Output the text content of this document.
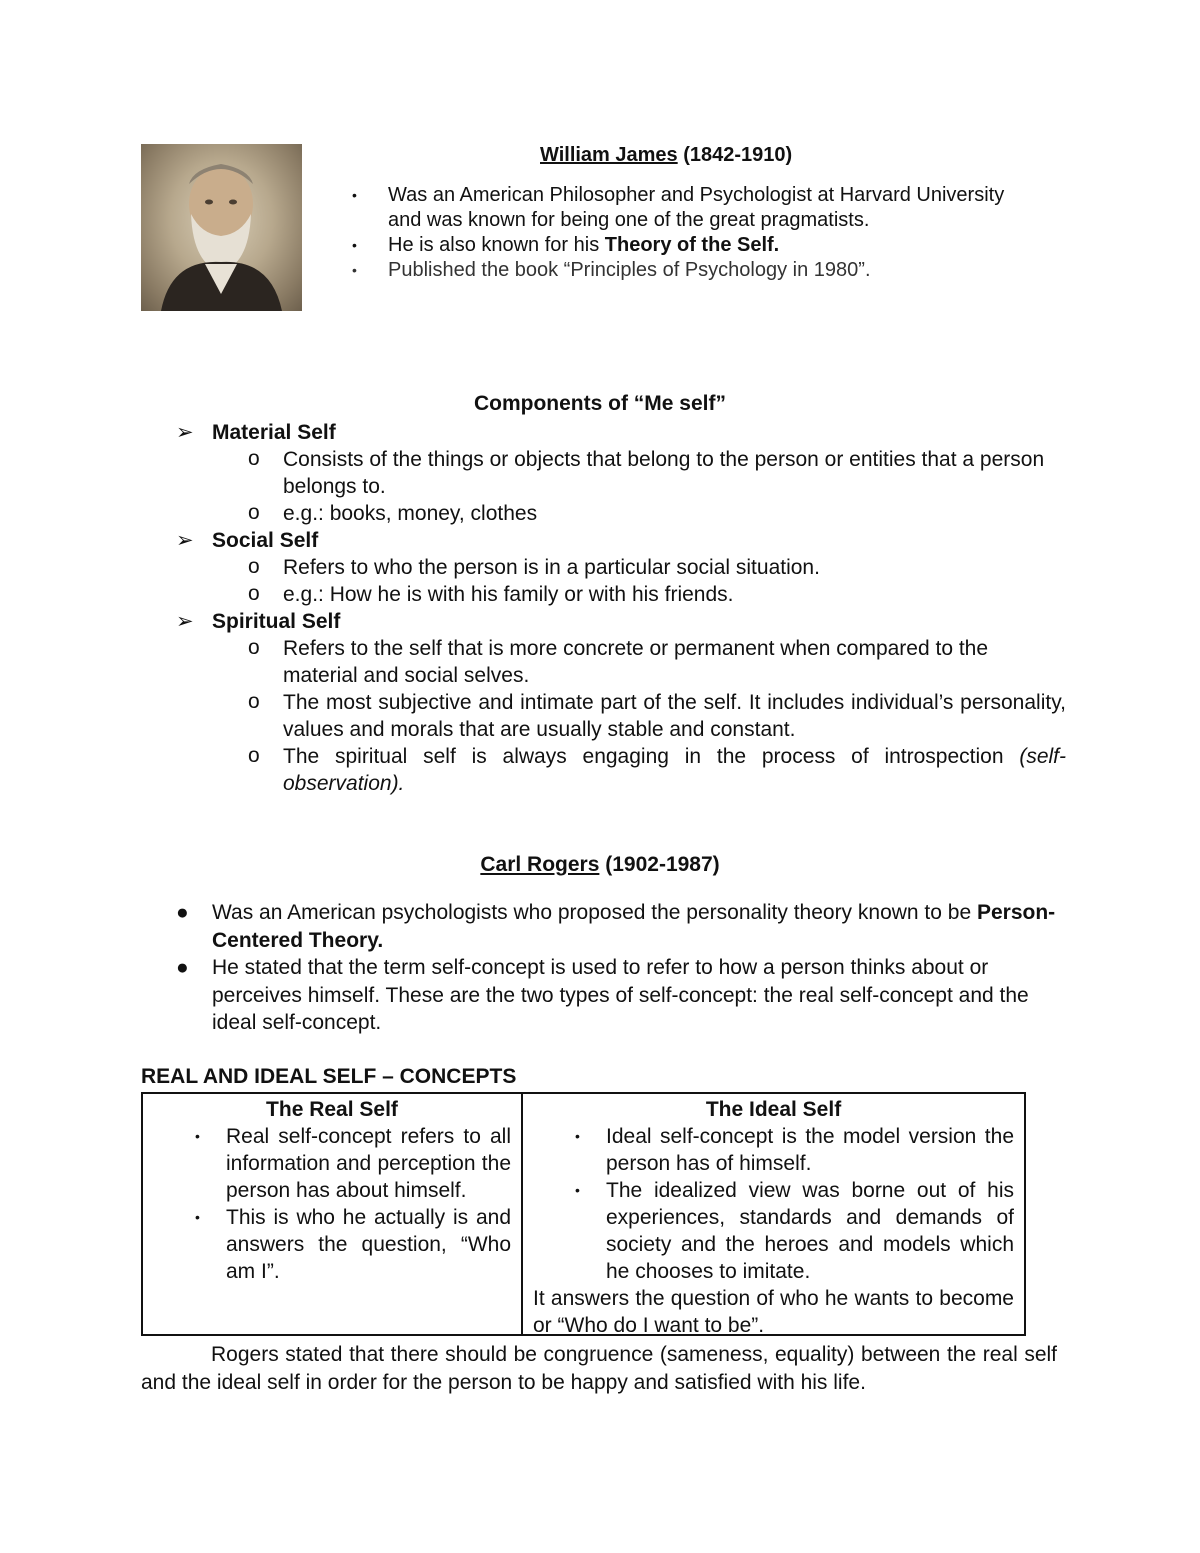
William James (1842-1910)
• Was an American Philosopher and Psychologist at Harvard University and was known for being one of the great pragmatists.
• He is also known for his Theory of the Self.
• Published the book “Principles of Psychology in 1980”.
Components of “Me self”
➢ Material Self
o Consists of the things or objects that belong to the person or entities that a person belongs to.
o e.g.: books, money, clothes
➢ Social Self
o Refers to who the person is in a particular social situation.
o e.g.: How he is with his family or with his friends.
➢ Spiritual Self
o Refers to the self that is more concrete or permanent when compared to the material and social selves.
o The most subjective and intimate part of the self. It includes individual’s personality, values and morals that are usually stable and constant.
o The spiritual self is always engaging in the process of introspection (self-observation).
Carl Rogers (1902-1987)
● Was an American psychologists who proposed the personality theory known to be Person-Centered Theory.
● He stated that the term self-concept is used to refer to how a person thinks about or perceives himself. These are the two types of self-concept: the real self-concept and the ideal self-concept.
REAL AND IDEAL SELF – CONCEPTS
The Real Self
• Real self-concept refers to all information and perception the person has about himself.
• This is who he actually is and answers the question, “Who am I”.
The Ideal Self
• Ideal self-concept is the model version the person has of himself.
• The idealized view was borne out of his experiences, standards and demands of society and the heroes and models which he chooses to imitate.
It answers the question of who he wants to become or “Who do I want to be”.
Rogers stated that there should be congruence (sameness, equality) between the real self and the ideal self in order for the person to be happy and satisfied with his life.
